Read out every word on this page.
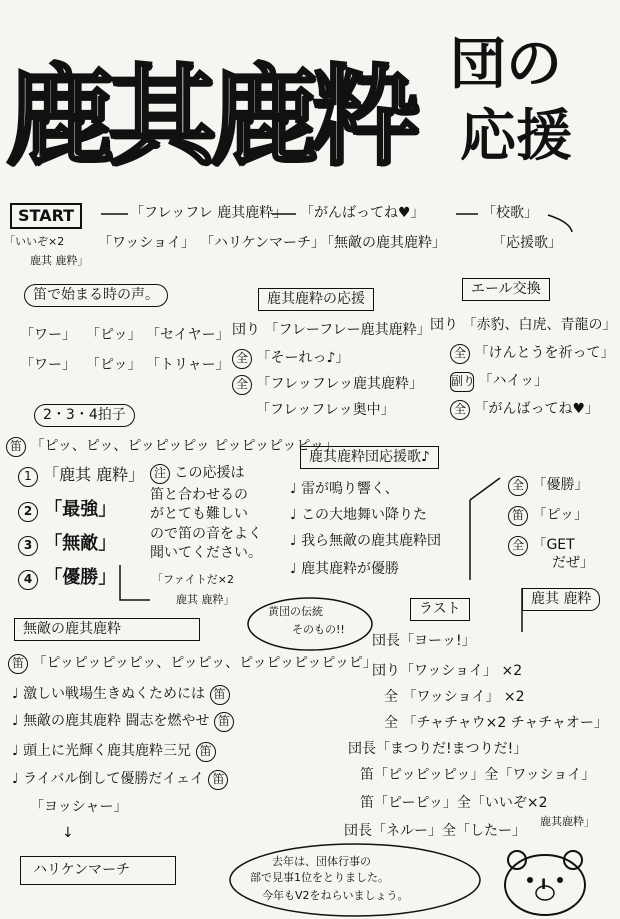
鹿其鹿粋 団の
応援
START	「フレッフレ 鹿其鹿粋」 「がんばってね♥」	「校歌」
「いいぞ×2
鹿其 鹿粋」
「ワッショイ」 「ハリケンマーチ」
「無敵の鹿其鹿粋」	「応援歌」
笛で始まる時の声。
「ワー」 「ピッ」 「セイヤー」
「ワー」 「ピッ」 「トリャー」
鹿其鹿粋の応援
団り 「フレーフレー鹿其鹿粋」
全 「そーれっ♪」
全 「フレッフレッ鹿其鹿粋」
「フレッフレッ奥中」
エール交換
団り 「赤豹、白虎、青龍の」
全 「けんとうを祈って」
副り 「ハイッ」
全 「がんばってね♥」
2・3・4拍子
笛 「ピッ、ピッ、ピッピッピッ ピッピッピッピッ」
1 「鹿其 鹿粋」
2 「最強」
3 「無敵」
4 「優勝」
注 この応援は
笛と合わせるの
がとても難しい
ので笛の音をよく
聞いてください。
「ファイトだ×2
鹿其 鹿粋」
鹿其鹿粋団応援歌♪
♩ 雷が鳴り響く、
♩ この大地舞い降りた
♩ 我ら無敵の鹿其鹿粋団
♩ 鹿其鹿粋が優勝
全 「優勝」
笛 「ピッ」
全 「GET
だぜ」
無敵の鹿其鹿粋
黄団の伝統
そのもの!!
笛 「ピッピッピッピッ、ピッピッ、ピッピッピッピッピ」
♩ 激しい戦場生きぬくためには 笛
♩ 無敵の鹿其鹿粋 闘志を燃やせ 笛
♩ 頭上に光輝く鹿其鹿粋三兄 笛
♩ ライバル倒して優勝だイェイ 笛
「ヨッシャー」
↓
ハリケンマーチ
ラスト
鹿其 鹿粋
団長「ヨーッ!」
団り「ワッショイ」 ×2
全 「ワッショイ」 ×2
全 「チャチャウ×2 チャチャオー」
団長「まつりだ!まつりだ!」
笛「ピッピッピッ」全「ワッショイ」
笛「ピーピッ」全「いいぞ×2
鹿其鹿粋」
団長「ネルー」全「したー」
去年は、団体行事の
部で見事1位をとりました。
今年もV2をねらいましょう。
I
